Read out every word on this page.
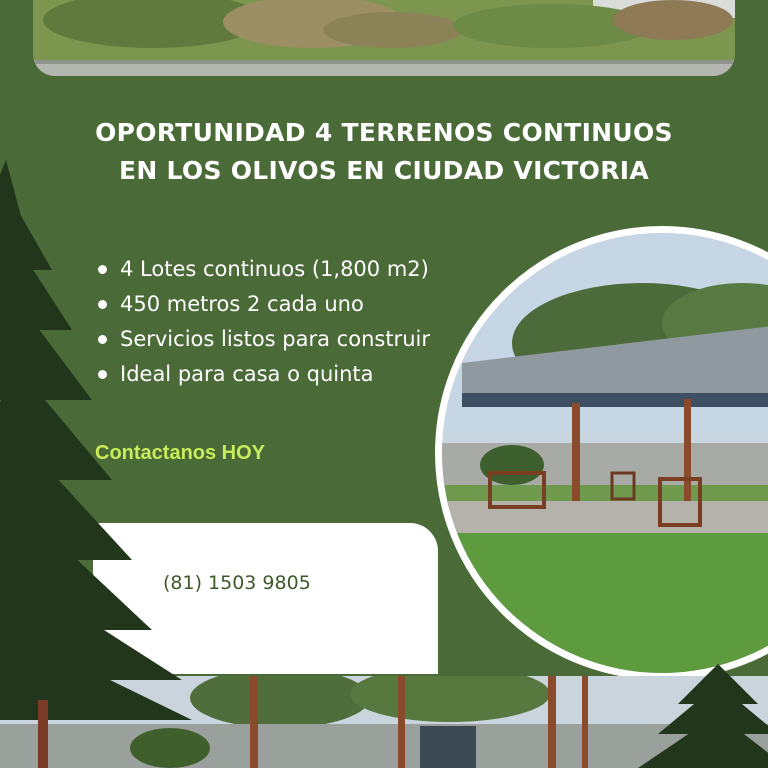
OPORTUNIDAD 4 TERRENOS CONTINUOS
EN LOS OLIVOS EN CIUDAD VICTORIA
4 Lotes continuos (1,800 m2)
450 metros 2 cada uno
Servicios listos para construir
Ideal para casa o quinta
Contactanos HOY
(81) 1503 9805
